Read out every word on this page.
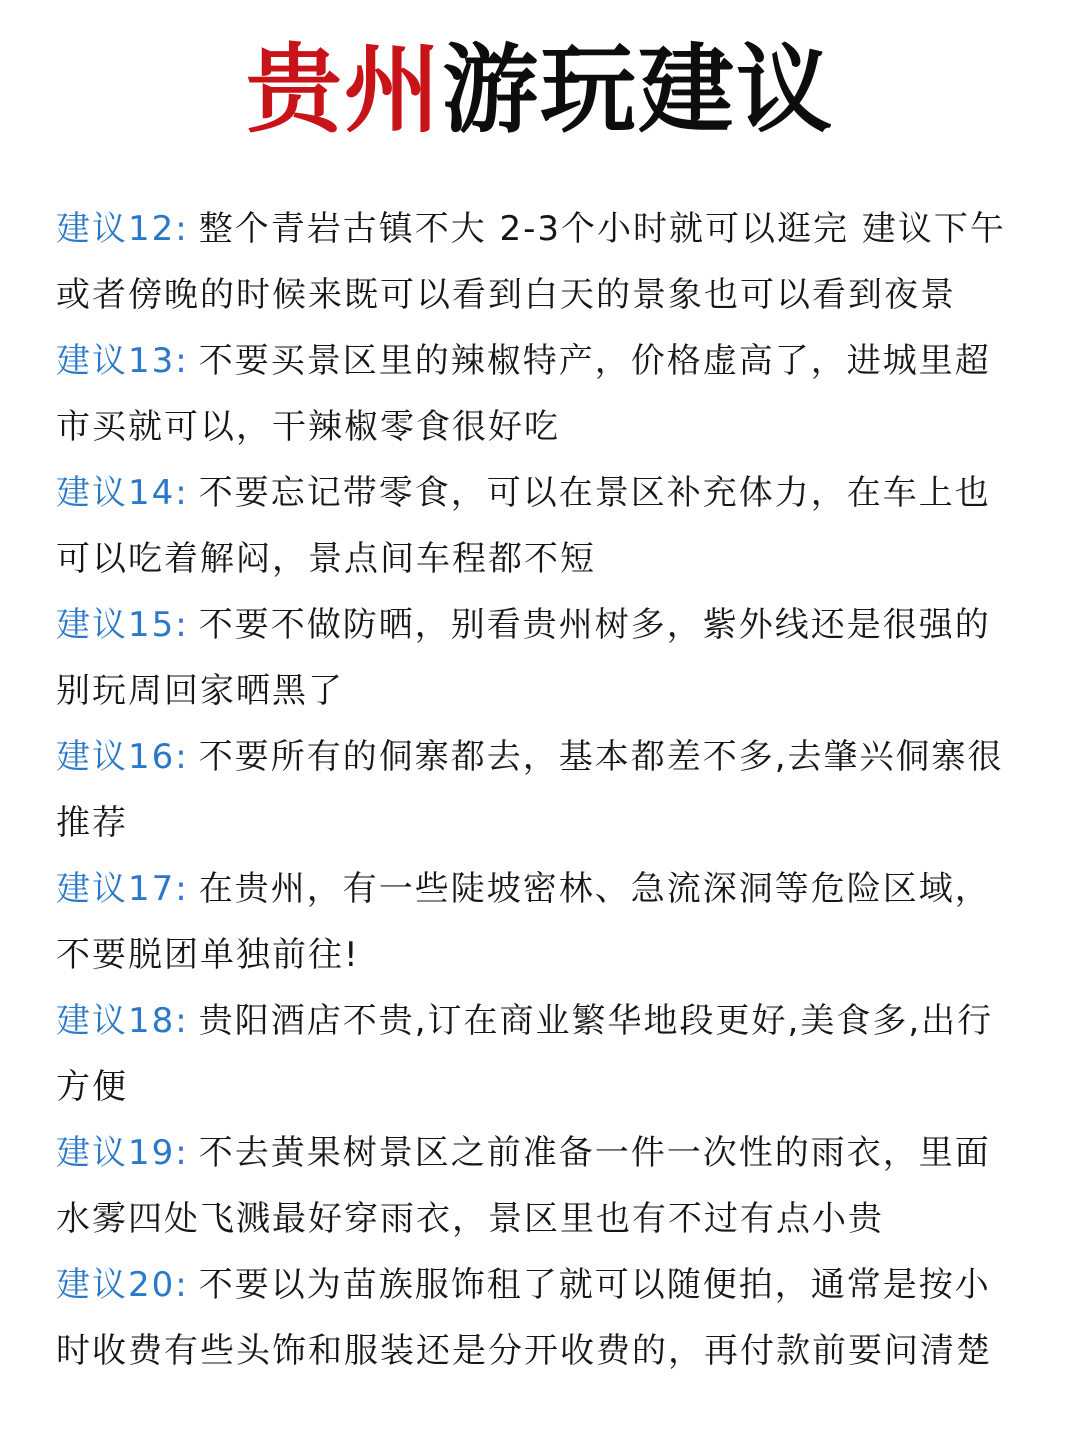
贵州游玩建议

建议12: 整个青岩古镇不大 2-3个小时就可以逛完 建议下午或者傍晚的时候来既可以看到白天的景象也可以看到夜景

建议13: 不要买景区里的辣椒特产，价格虚高了，进城里超市买就可以，干辣椒零食很好吃

建议14: 不要忘记带零食，可以在景区补充体力，在车上也可以吃着解闷，景点间车程都不短

建议15: 不要不做防晒，别看贵州树多，紫外线还是很强的别玩周回家晒黑了

建议16: 不要所有的侗寨都去，基本都差不多,去肇兴侗寨很推荐

建议17: 在贵州，有一些陡坡密林、急流深洞等危险区域，不要脱团单独前往!

建议18: 贵阳酒店不贵,订在商业繁华地段更好,美食多,出行方便

建议19: 不去黄果树景区之前准备一件一次性的雨衣，里面水雾四处飞溅最好穿雨衣，景区里也有不过有点小贵

建议20: 不要以为苗族服饰租了就可以随便拍，通常是按小时收费有些头饰和服装还是分开收费的，再付款前要问清楚
